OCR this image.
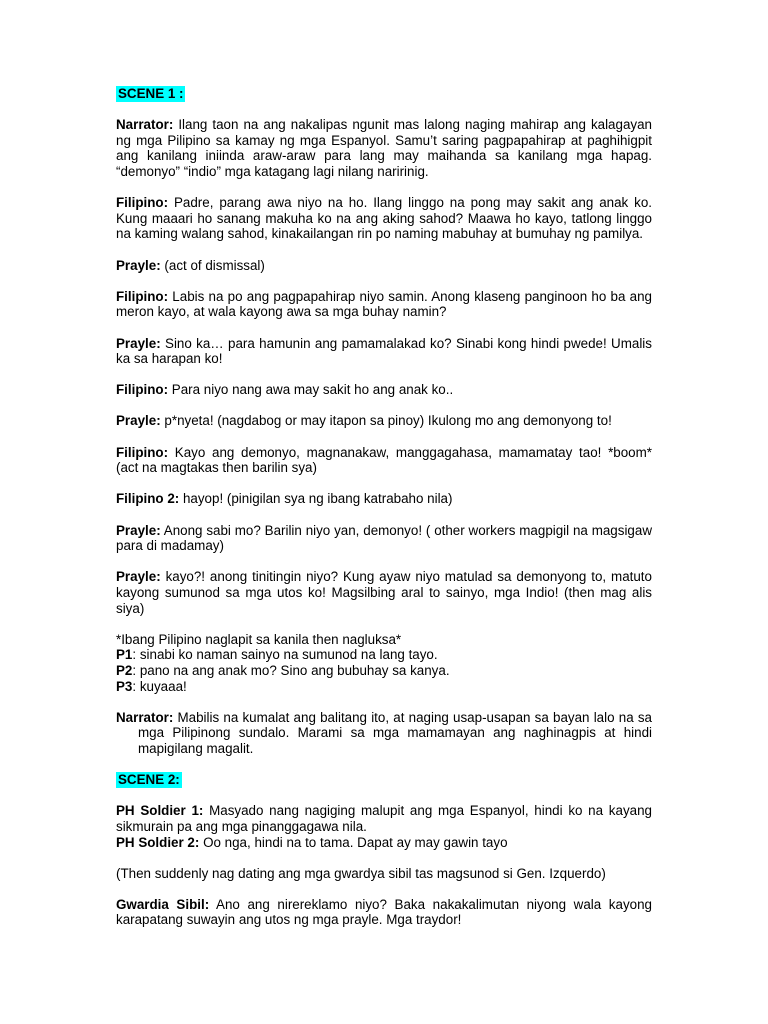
SCENE 1 :

Narrator: Ilang taon na ang nakalipas ngunit mas lalong naging mahirap ang kalagayan ng mga Pilipino sa kamay ng mga Espanyol. Samu’t saring pagpapahirap at paghihigpit ang kanilang iniinda araw-araw para lang may maihanda sa kanilang mga hapag. “demonyo” “indio” mga katagang lagi nilang naririnig.

Filipino: Padre, parang awa niyo na ho. Ilang linggo na pong may sakit ang anak ko. Kung maaari ho sanang makuha ko na ang aking sahod? Maawa ho kayo, tatlong linggo na kaming walang sahod, kinakailangan rin po naming mabuhay at bumuhay ng pamilya.

Prayle: (act of dismissal)

Filipino: Labis na po ang pagpapahirap niyo samin. Anong klaseng panginoon ho ba ang meron kayo, at wala kayong awa sa mga buhay namin?

Prayle: Sino ka… para hamunin ang pamamalakad ko? Sinabi kong hindi pwede! Umalis ka sa harapan ko!

Filipino: Para niyo nang awa may sakit ho ang anak ko..

Prayle: p*nyeta! (nagdabog or may itapon sa pinoy) Ikulong mo ang demonyong to!

Filipino: Kayo ang demonyo, magnanakaw, manggagahasa, mamamatay tao! *boom* (act na magtakas then barilin sya)

Filipino 2: hayop! (pinigilan sya ng ibang katrabaho nila)

Prayle: Anong sabi mo? Barilin niyo yan, demonyo! ( other workers magpigil na magsigaw para di madamay)

Prayle: kayo?! anong tinitingin niyo? Kung ayaw niyo matulad sa demonyong to, matuto kayong sumunod sa mga utos ko! Magsilbing aral to sainyo, mga Indio! (then mag alis siya)

*Ibang Pilipino naglapit sa kanila then nagluksa*

P1: sinabi ko naman sainyo na sumunod na lang tayo.

P2: pano na ang anak mo? Sino ang bubuhay sa kanya.

P3: kuyaaa!

Narrator: Mabilis na kumalat ang balitang ito, at naging usap-usapan sa bayan lalo na sa mga Pilipinong sundalo. Marami sa mga mamamayan ang naghinagpis at hindi mapigilang magalit.

SCENE 2:

PH Soldier 1: Masyado nang nagiging malupit ang mga Espanyol, hindi ko na kayang sikmurain pa ang mga pinanggagawa nila.

PH Soldier 2: Oo nga, hindi na to tama. Dapat ay may gawin tayo

(Then suddenly nag dating ang mga gwardya sibil tas magsunod si Gen. Izquerdo)

Gwardia Sibil: Ano ang nirereklamo niyo? Baka nakakalimutan niyong wala kayong karapatang suwayin ang utos ng mga prayle. Mga traydor!
